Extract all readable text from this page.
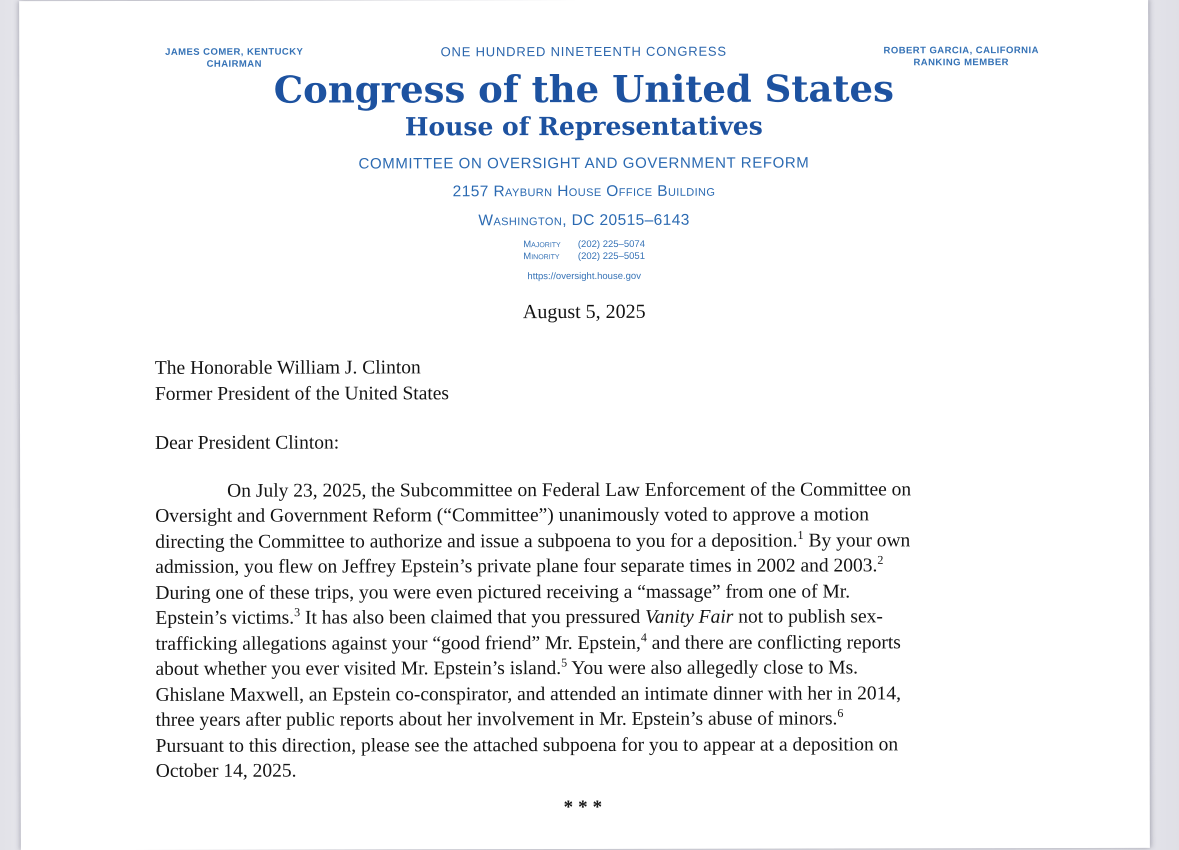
JAMES COMER, KENTUCKY
CHAIRMAN
ROBERT GARCIA, CALIFORNIA
RANKING MEMBER
ONE HUNDRED NINETEENTH CONGRESS
Congress of the United States
House of Representatives
COMMITTEE ON OVERSIGHT AND GOVERNMENT REFORM
2157 Rayburn House Office Building
Washington, DC 20515–6143
Majority (202) 225–5074
Minority (202) 225–5051
https://oversight.house.gov
August 5, 2025
The Honorable William J. Clinton
Former President of the United States
Dear President Clinton:
On July 23, 2025, the Subcommittee on Federal Law Enforcement of the Committee on
Oversight and Government Reform (“Committee”) unanimously voted to approve a motion
directing the Committee to authorize and issue a subpoena to you for a deposition.$^1$ By your own
admission, you flew on Jeffrey Epstein’s private plane four separate times in 2002 and 2003.$^2$
During one of these trips, you were even pictured receiving a “massage” from one of Mr.
Epstein’s victims.$^3$ It has also been claimed that you pressured Vanity Fair not to publish sex-
trafficking allegations against your “good friend” Mr. Epstein,$^4$ and there are conflicting reports
about whether you ever visited Mr. Epstein’s island.$^5$ You were also allegedly close to Ms.
Ghislane Maxwell, an Epstein co-conspirator, and attended an intimate dinner with her in 2014,
three years after public reports about her involvement in Mr. Epstein’s abuse of minors.$^6$
Pursuant to this direction, please see the attached subpoena for you to appear at a deposition on
October 14, 2025.
***
